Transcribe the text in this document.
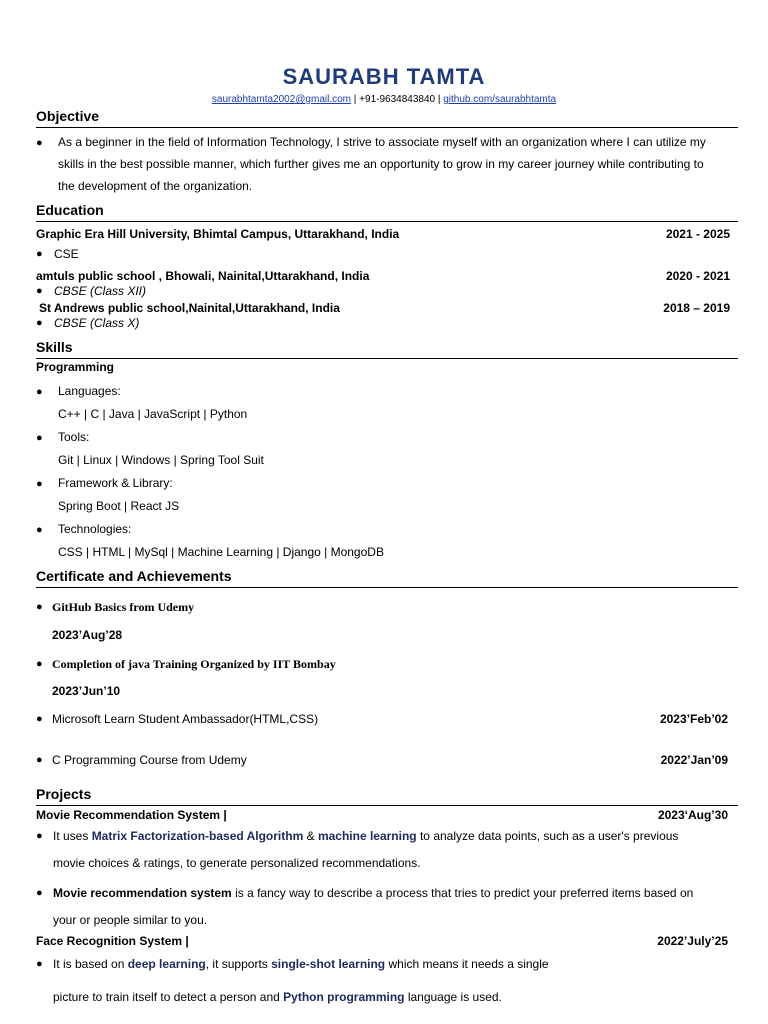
SAURABH TAMTA
saurabhtamta2002@gmail.com | +91-9634843840 | github.com/saurabhtamta
Objective
● As a beginner in the field of Information Technology, I strive to associate myself with an organization where I can utilize my
skills in the best possible manner, which further gives me an opportunity to grow in my career journey while contributing to
the development of the organization.
Education
Graphic Era Hill University, Bhimtal Campus, Uttarakhand, India	2021 - 2025
● CSE
amtuls public school , Bhowali, Nainital,Uttarakhand, India	2020 - 2021
● CBSE (Class XII)
St Andrews public school,Nainital,Uttarakhand, India	2018 – 2019
● CBSE (Class X)
Skills
Programming
● Languages:
C++ | C | Java | JavaScript | Python
● Tools:
Git | Linux | Windows | Spring Tool Suit
● Framework & Library:
Spring Boot | React JS
● Technologies:
CSS | HTML | MySql | Machine Learning | Django | MongoDB
Certificate and Achievements
● GitHub Basics from Udemy
2023’Aug’28
● Completion of java Training Organized by IIT Bombay
2023’Jun’10
● Microsoft Learn Student Ambassador(HTML,CSS)	2023’Feb’02
● C Programming Course from Udemy	2022’Jan’09
Projects
Movie Recommendation System |	2023‘Aug’30
● It uses Matrix Factorization-based Algorithm & machine learning to analyze data points, such as a user's previous
movie choices & ratings, to generate personalized recommendations.
● Movie recommendation system is a fancy way to describe a process that tries to predict your preferred items based on
your or people similar to you.
Face Recognition System |	2022’July’25
● It is based on deep learning, it supports single-shot learning which means it needs a single
picture to train itself to detect a person and Python programming language is used.
